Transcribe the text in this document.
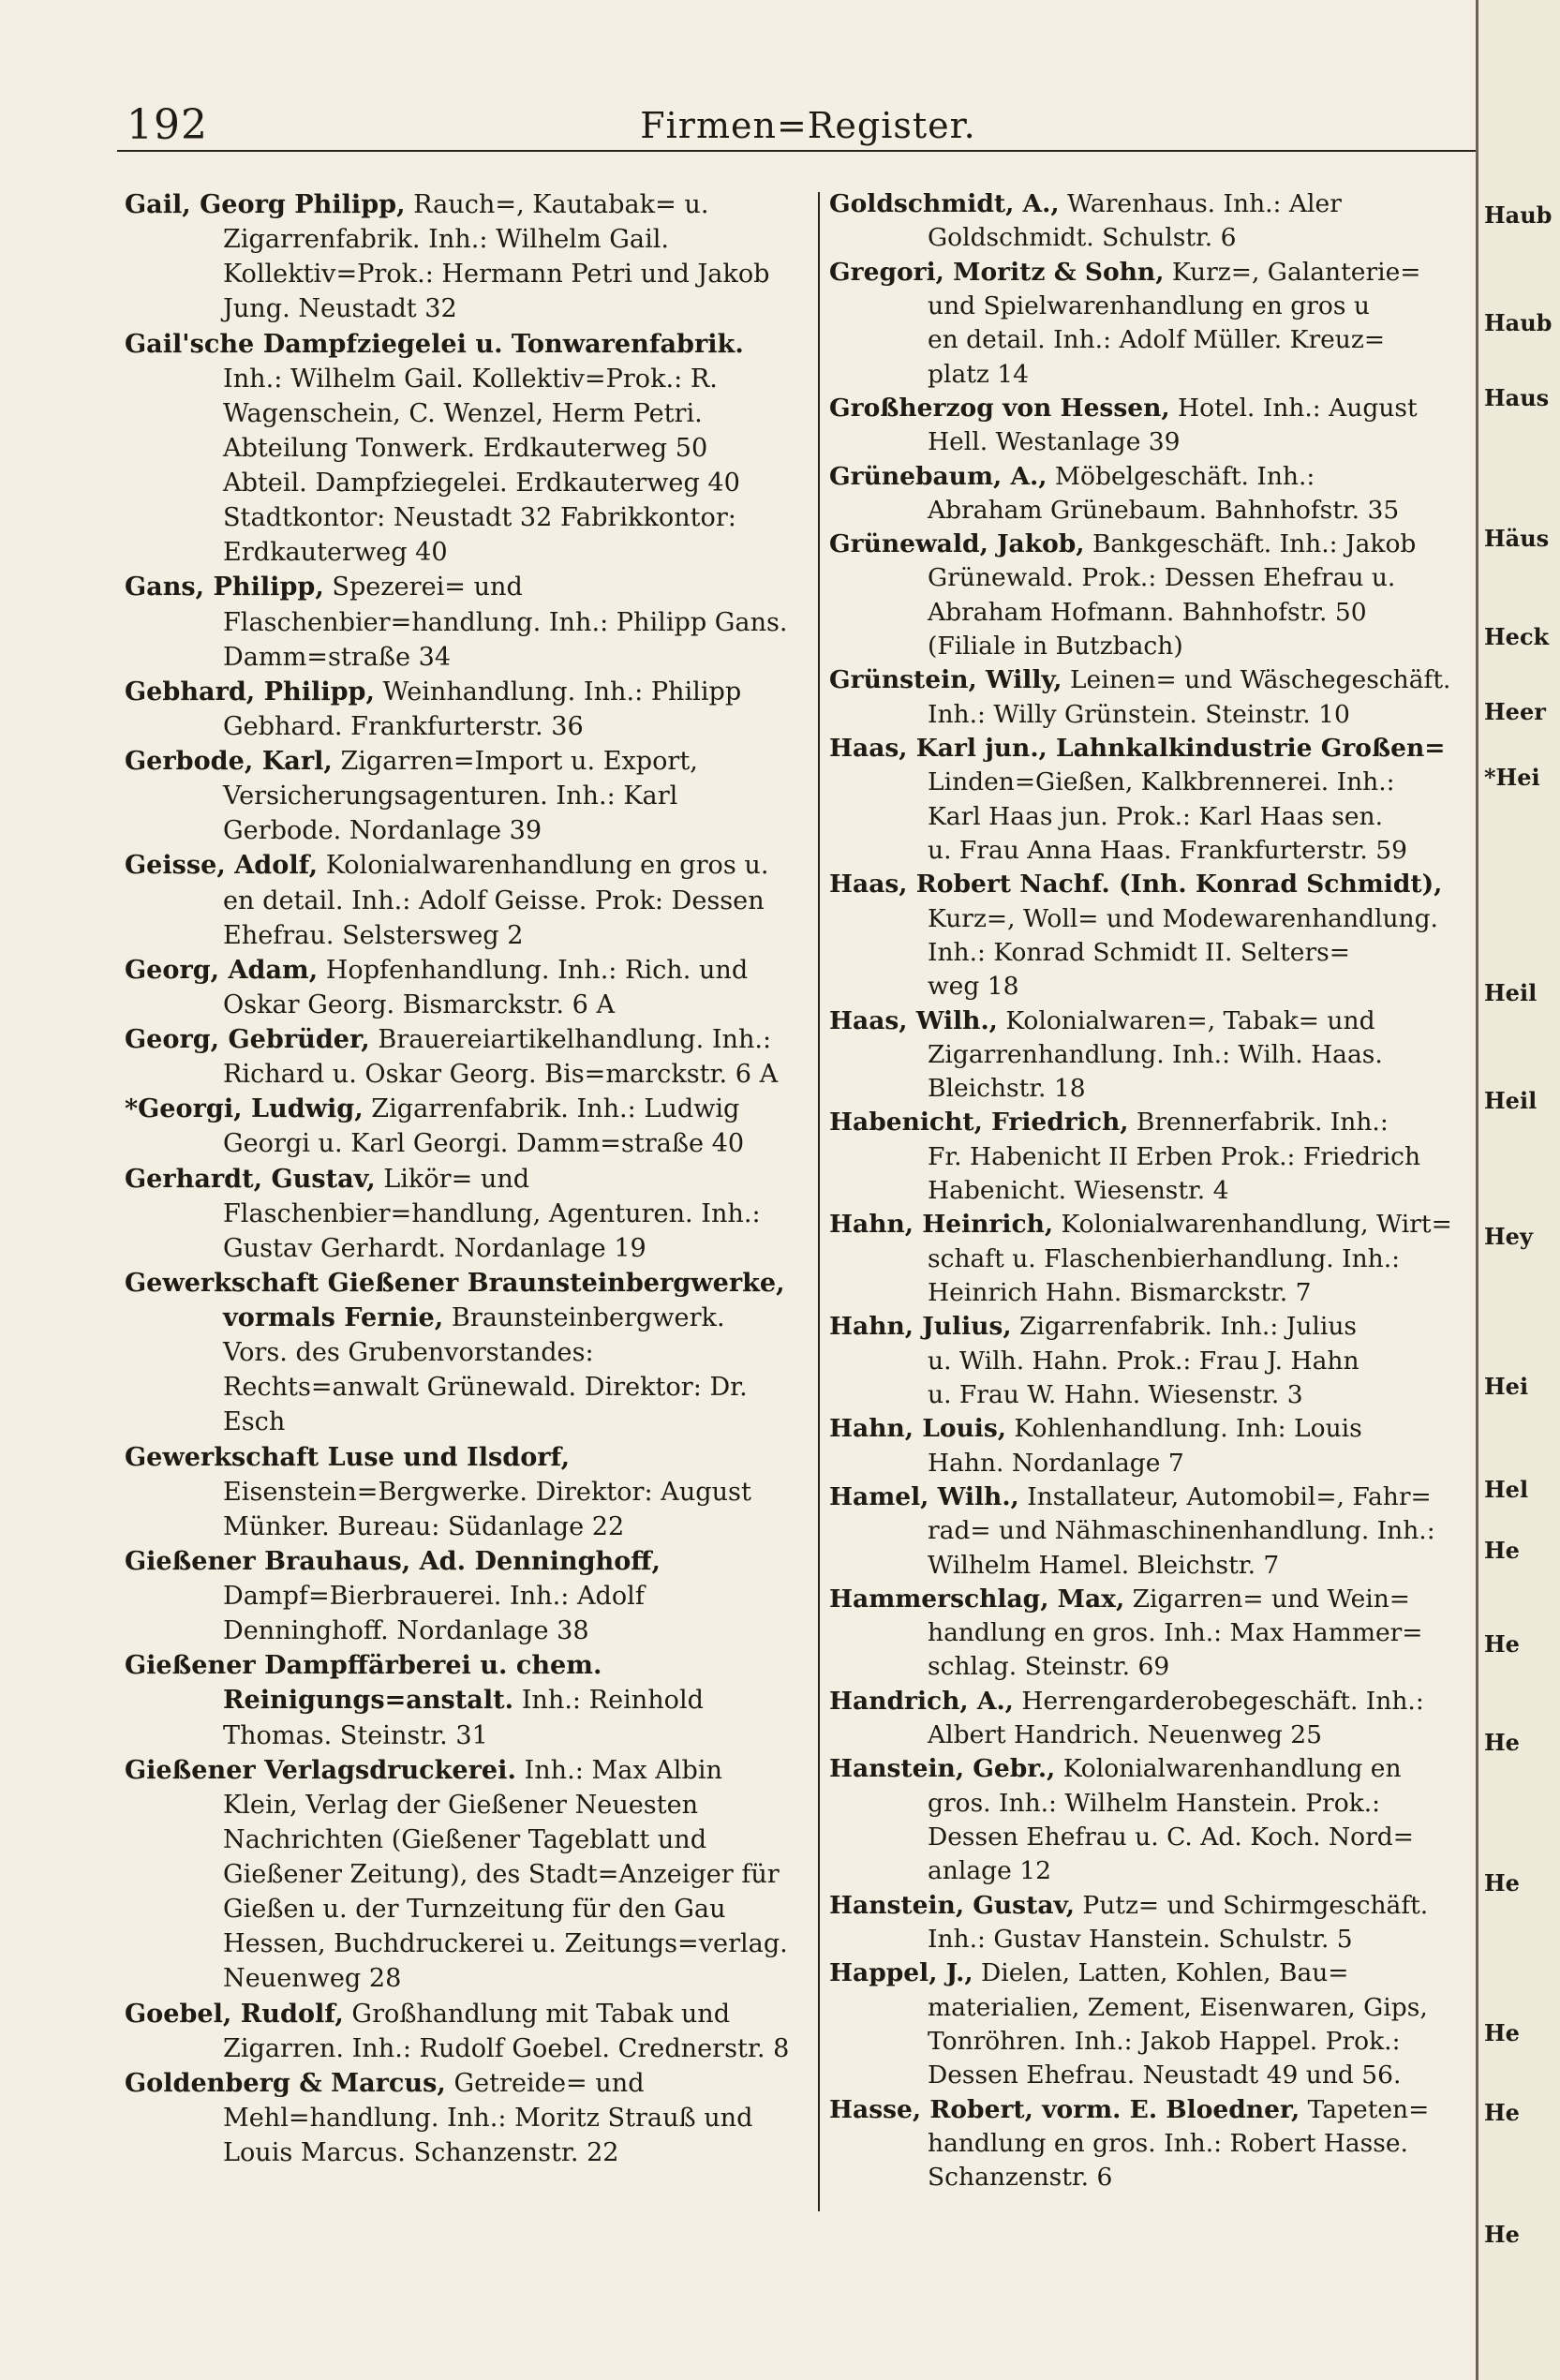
192	Firmen=Register.

Gail, Georg Philipp, Rauch=, Kautabak= u. Zigarrenfabrik. Inh.: Wilhelm Gail. Kollektiv=Prok.: Hermann Petri und Jakob Jung. Neustadt 32

Gail'sche Dampfziegelei u. Tonwarenfabrik. Inh.: Wilhelm Gail. Kollektiv=Prok.: R. Wagenschein, C. Wenzel, Herm Petri. Abteilung Tonwerk. Erdkauterweg 50 Abteil. Dampfziegelei. Erdkauterweg 40 Stadtkontor: Neustadt 32 Fabrikkontor: Erdkauterweg 40

Gans, Philipp, Spezerei= und Flaschenbier=handlung. Inh.: Philipp Gans. Damm=straße 34

Gebhard, Philipp, Weinhandlung. Inh.: Philipp Gebhard. Frankfurterstr. 36

Gerbode, Karl, Zigarren=Import u. Export, Versicherungsagenturen. Inh.: Karl Gerbode. Nordanlage 39

Geisse, Adolf, Kolonialwarenhandlung en gros u. en detail. Inh.: Adolf Geisse. Prok: Dessen Ehefrau. Selstersweg 2

Georg, Adam, Hopfenhandlung. Inh.: Rich. und Oskar Georg. Bismarckstr. 6 A

Georg, Gebrüder, Brauereiartikelhandlung. Inh.: Richard u. Oskar Georg. Bis=marckstr. 6 A

*Georgi, Ludwig, Zigarrenfabrik. Inh.: Ludwig Georgi u. Karl Georgi. Damm=straße 40

Gerhardt, Gustav, Likör= und Flaschenbier=handlung, Agenturen. Inh.: Gustav Gerhardt. Nordanlage 19

Gewerkschaft Gießener Braunsteinbergwerke, vormals Fernie, Braunsteinbergwerk. Vors. des Grubenvorstandes: Rechts=anwalt Grünewald. Direktor: Dr. Esch

Gewerkschaft Luse und Ilsdorf, Eisenstein=Bergwerke. Direktor: August Münker. Bureau: Südanlage 22

Gießener Brauhaus, Ad. Denninghoff, Dampf=Bierbrauerei. Inh.: Adolf Denninghoff. Nordanlage 38

Gießener Dampffärberei u. chem. Reinigungs=anstalt. Inh.: Reinhold Thomas. Steinstr. 31

Gießener Verlagsdruckerei. Inh.: Max Albin Klein, Verlag der Gießener Neuesten Nachrichten (Gießener Tageblatt und Gießener Zeitung), des Stadt=Anzeiger für Gießen u. der Turnzeitung für den Gau Hessen, Buchdruckerei u. Zeitungs=verlag. Neuenweg 28

Goebel, Rudolf, Großhandlung mit Tabak und Zigarren. Inh.: Rudolf Goebel. Crednerstr. 8

Goldenberg & Marcus, Getreide= und Mehl=handlung. Inh.: Moritz Strauß und Louis Marcus. Schanzenstr. 22

Goldschmidt, A., Warenhaus. Inh.: Aler
Goldschmidt. Schulstr. 6

Gregori, Moritz & Sohn, Kurz=, Galanterie=
und Spielwarenhandlung en gros u
en detail. Inh.: Adolf Müller. Kreuz=
platz 14

Großherzog von Hessen, Hotel. Inh.: August
Hell. Westanlage 39

Grünebaum, A., Möbelgeschäft. Inh.:
Abraham Grünebaum. Bahnhofstr. 35

Grünewald, Jakob, Bankgeschäft. Inh.: Jakob
Grünewald. Prok.: Dessen Ehefrau u.
Abraham Hofmann. Bahnhofstr. 50
(Filiale in Butzbach)

Grünstein, Willy, Leinen= und Wäschegeschäft.
Inh.: Willy Grünstein. Steinstr. 10

Haas, Karl jun., Lahnkalkindustrie Großen=
Linden=Gießen, Kalkbrennerei. Inh.:
Karl Haas jun. Prok.: Karl Haas sen.
u. Frau Anna Haas. Frankfurterstr. 59

Haas, Robert Nachf. (Inh. Konrad Schmidt),
Kurz=, Woll= und Modewarenhandlung.
Inh.: Konrad Schmidt II. Selters=
weg 18

Haas, Wilh., Kolonialwaren=, Tabak= und
Zigarrenhandlung. Inh.: Wilh. Haas.
Bleichstr. 18

Habenicht, Friedrich, Brennerfabrik. Inh.:
Fr. Habenicht II Erben Prok.: Friedrich
Habenicht. Wiesenstr. 4

Hahn, Heinrich, Kolonialwarenhandlung, Wirt=
schaft u. Flaschenbierhandlung. Inh.:
Heinrich Hahn. Bismarckstr. 7

Hahn, Julius, Zigarrenfabrik. Inh.: Julius
u. Wilh. Hahn. Prok.: Frau J. Hahn
u. Frau W. Hahn. Wiesenstr. 3

Hahn, Louis, Kohlenhandlung. Inh: Louis
Hahn. Nordanlage 7

Hamel, Wilh., Installateur, Automobil=, Fahr=
rad= und Nähmaschinenhandlung. Inh.:
Wilhelm Hamel. Bleichstr. 7

Hammerschlag, Max, Zigarren= und Wein=
handlung en gros. Inh.: Max Hammer=
schlag. Steinstr. 69

Handrich, A., Herrengarderobegeschäft. Inh.:
Albert Handrich. Neuenweg 25

Hanstein, Gebr., Kolonialwarenhandlung en
gros. Inh.: Wilhelm Hanstein. Prok.:
Dessen Ehefrau u. C. Ad. Koch. Nord=
anlage 12

Hanstein, Gustav, Putz= und Schirmgeschäft.
Inh.: Gustav Hanstein. Schulstr. 5

Happel, J., Dielen, Latten, Kohlen, Bau=
materialien, Zement, Eisenwaren, Gips,
Tonröhren. Inh.: Jakob Happel. Prok.:
Dessen Ehefrau. Neustadt 49 und 56.

Hasse, Robert, vorm. E. Bloedner, Tapeten=
handlung en gros. Inh.: Robert Hasse.
Schanzenstr. 6

Haub
Haub
Haus
Häus
Heck
Heer
*Hei
Heil
Heil
Hey
Hei
Hel
He
He
He
He
He
He
He
